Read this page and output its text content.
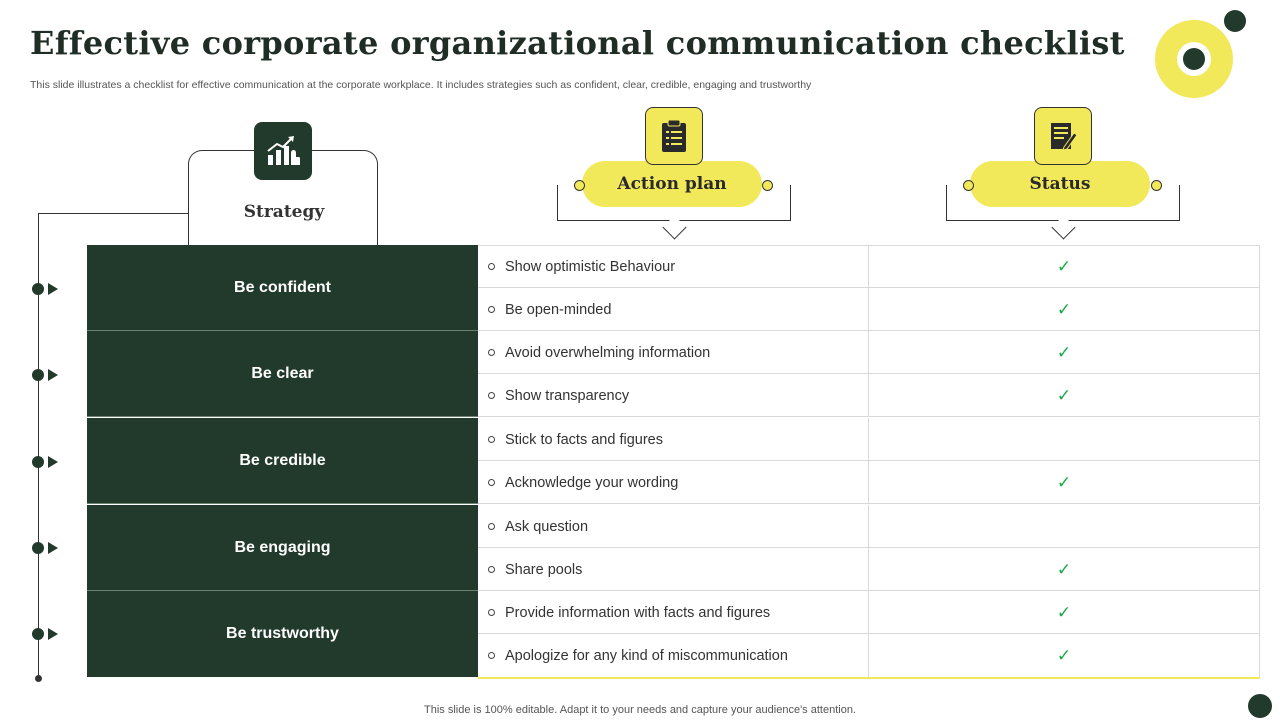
Effective corporate organizational communication checklist

This slide illustrates a checklist for effective communication at the corporate workplace. It includes strategies such as confident, clear, credible, engaging and trustworthy

Strategy
Action plan	Status
Be confident
Show optimistic Behaviour	✓
Be open-minded	✓
Be clear
Avoid overwhelming information	✓
Show transparency	✓
Be credible
Stick to facts and figures
Acknowledge your wording	✓
Be engaging
Ask question
Share pools	✓
Be trustworthy
Provide information with facts and figures	✓
Apologize for any kind of miscommunication	✓
This slide is 100% editable. Adapt it to your needs and capture your audience's attention.
